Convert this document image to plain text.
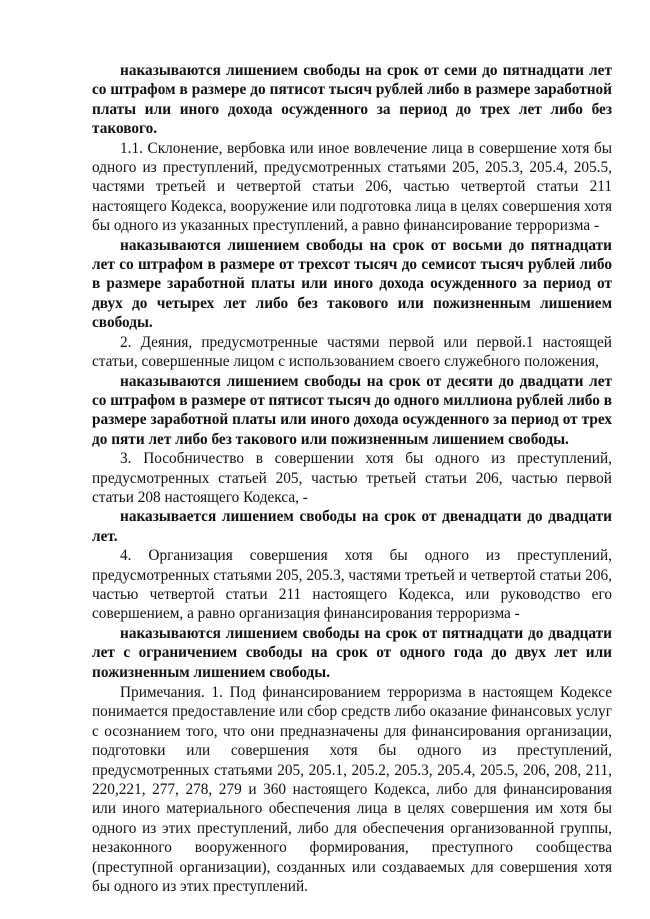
наказываются лишением свободы на срок от семи до пятнадцати лет со штрафом в размере до пятисот тысяч рублей либо в размере заработной платы или иного дохода осужденного за период до трех лет либо без такового.

1.1. Склонение, вербовка или иное вовлечение лица в совершение хотя бы одного из преступлений, предусмотренных статьями 205, 205.3, 205.4, 205.5, частями третьей и четвертой статьи 206, частью четвертой статьи 211 настоящего Кодекса, вооружение или подготовка лица в целях совершения хотя бы одного из указанных преступлений, а равно финансирование терроризма -

наказываются лишением свободы на срок от восьми до пятнадцати лет со штрафом в размере от трехсот тысяч до семисот тысяч рублей либо в размере заработной платы или иного дохода осужденного за период от двух до четырех лет либо без такового или пожизненным лишением свободы.

2. Деяния, предусмотренные частями первой или первой.1 настоящей статьи, совершенные лицом с использованием своего служебного положения,

наказываются лишением свободы на срок от десяти до двадцати лет со штрафом в размере от пятисот тысяч до одного миллиона рублей либо в размере заработной платы или иного дохода осужденного за период от трех до пяти лет либо без такового или пожизненным лишением свободы.

3. Пособничество в совершении хотя бы одного из преступлений, предусмотренных статьей 205, частью третьей статьи 206, частью первой статьи 208 настоящего Кодекса, -

наказывается лишением свободы на срок от двенадцати до двадцати лет.

4. Организация совершения хотя бы одного из преступлений, предусмотренных статьями 205, 205.3, частями третьей и четвертой статьи 206, частью четвертой статьи 211 настоящего Кодекса, или руководство его совершением, а равно организация финансирования терроризма -

наказываются лишением свободы на срок от пятнадцати до двадцати лет с ограничением свободы на срок от одного года до двух лет или пожизненным лишением свободы.

Примечания. 1. Под финансированием терроризма в настоящем Кодексе понимается предоставление или сбор средств либо оказание финансовых услуг с осознанием того, что они предназначены для финансирования организации, подготовки или совершения хотя бы одного из преступлений, предусмотренных статьями 205, 205.1, 205.2, 205.3, 205.4, 205.5, 206, 208, 211, 220,221, 277, 278, 279 и 360 настоящего Кодекса, либо для финансирования или иного материального обеспечения лица в целях совершения им хотя бы одного из этих преступлений, либо для обеспечения организованной группы, незаконного вооруженного формирования, преступного сообщества (преступной организации), созданных или создаваемых для совершения хотя бы одного из этих преступлений.
